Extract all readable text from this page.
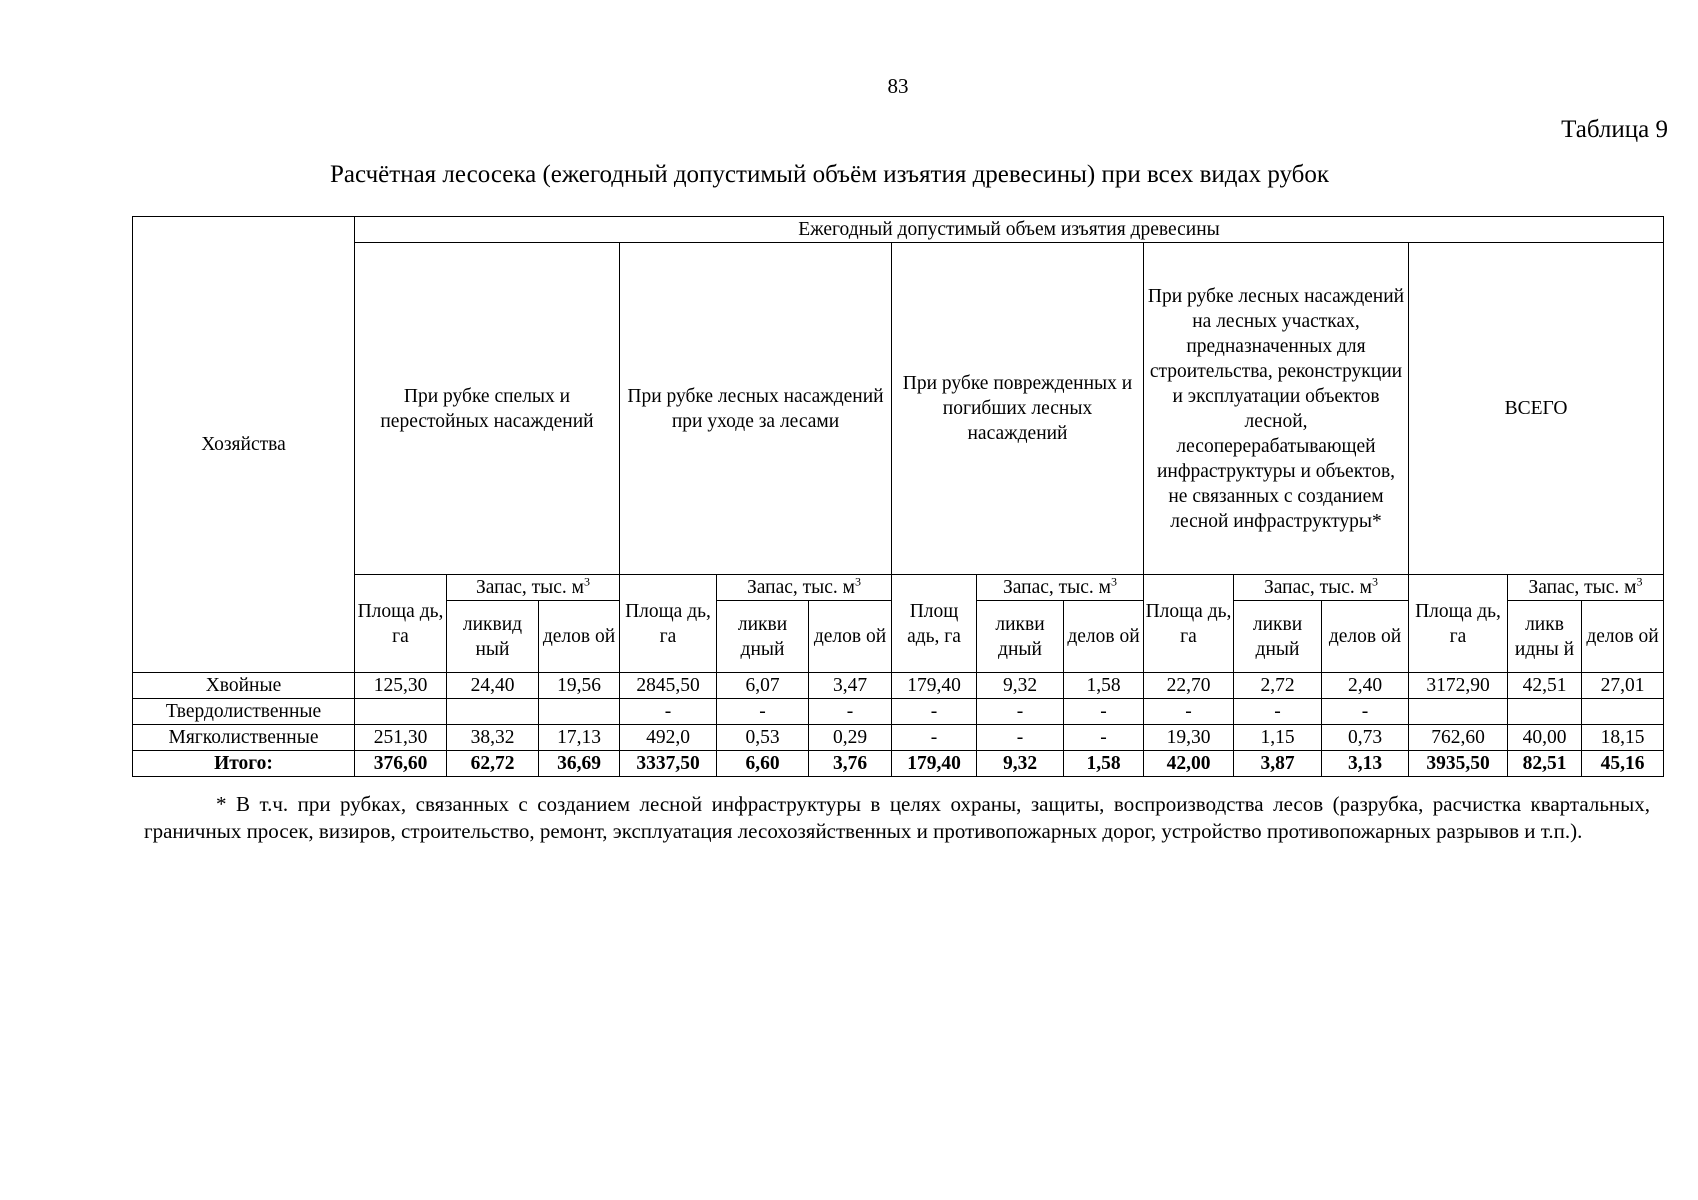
83
Таблица 9
Расчётная лесосека (ежегодный допустимый объём изъятия древесины) при всех видах рубок
Хозяйства	Ежегодный допустимый объем изъятия древесины														
	При рубке спелых и перестойных насаждений			При рубке лесных насаждений при уходе за лесами			При рубке поврежденных и погибших лесных насаждений			При рубке лесных насаждений на лесных участках, предназначенных для строительства, реконструкции и эксплуатации объектов лесной, лесоперерабатывающей инфраструктуры и объектов, не связанных с созданием лесной инфраструктуры*			ВСЕГО		
	Площа дь, га	Запас, тыс. $м^3$		Площа дь, га	Запас, тыс. $м^3$		Площ адь, га	Запас, тыс. $м^3$		Площа дь, га	Запас, тыс. $м^3$		Площа дь, га	Запас, тыс. $м^3$
		ликвид ный	делов ой		ликви дный	делов ой		ликви дный	делов ой		ликви дный	делов ой		ликв идны й	делов ой
Хвойные	125,30	24,40	19,56	2845,50	6,07	3,47	179,40	9,32	1,58	22,70	2,72	2,40	3172,90	42,51	27,01
Твердолиственные				-	-	-	-	-	-	-	-	-			
Мягколиственные	251,30	38,32	17,13	492,0	0,53	0,29	-	-	-	19,30	1,15	0,73	762,60	40,00	18,15
Итого:	376,60	62,72	36,69	3337,50	6,60	3,76	179,40	9,32	1,58	42,00	3,87	3,13	3935,50	82,51	45,16
* В т.ч. при рубках, связанных с созданием лесной инфраструктуры в целях охраны, защиты, воспроизводства лесов (разрубка, расчистка квартальных, граничных просек, визиров, строительство, ремонт, эксплуатация лесохозяйственных и противопожарных дорог, устройство противопожарных разрывов и т.п.).
